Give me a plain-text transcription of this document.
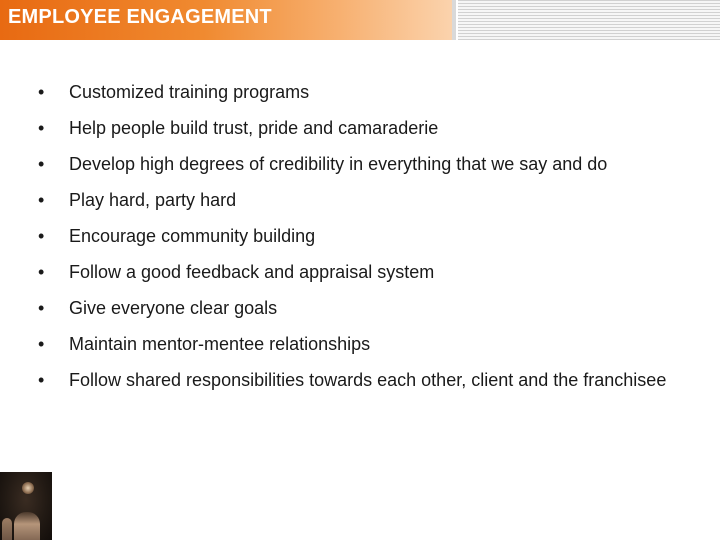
EMPLOYEE ENGAGEMENT
•	Customized training programs
•	Help people build trust, pride and camaraderie
•	Develop high degrees of credibility in everything that we say and do
•	Play hard, party hard
•	Encourage community building
•	Follow a good feedback and appraisal system
•	Give everyone clear goals
•	Maintain mentor-mentee relationships
•	Follow shared responsibilities towards each other, client and the franchisee
